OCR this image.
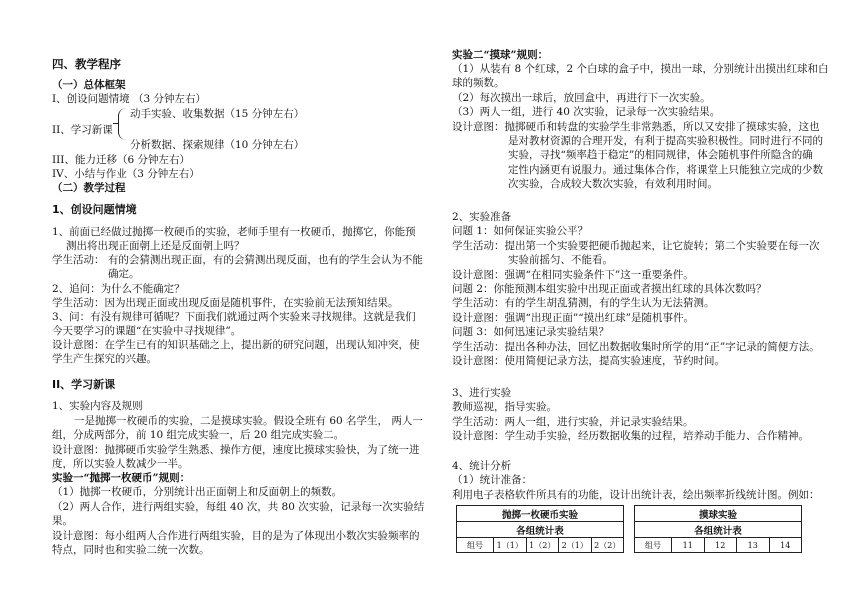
四、教学程序
（一）总体框架
I、创设问题情境 （3 分钟左右）
动手实验、收集数据（15 分钟左右）
II、学习新课
分析数据、探索规律（10 分钟左右）
III、能力迁移（6 分钟左右）
IV、小结与作业（3 分钟左右）
（二）教学过程
1、创设问题情境
1、前面已经做过抛掷一枚硬币的实验，老师手里有一枚硬币，抛掷它，你能预
测出将出现正面朝上还是反面朝上吗？
学生活动： 有的会猜测出现正面，有的会猜测出现反面，也有的学生会认为不能
确定。
2、追问：为什么不能确定？
学生活动：因为出现正面或出现反面是随机事件，在实验前无法预知结果。
3、问：有没有规律可循呢？下面我们就通过两个实验来寻找规律。这就是我们
今天要学习的课题“在实验中寻找规律”。
设计意图：在学生已有的知识基础之上，提出新的研究问题，出现认知冲突，使
学生产生探究的兴趣。
II、学习新课
1、实验内容及规则
一是抛掷一枚硬币的实验，二是摸球实验。假设全班有 60 名学生， 两人一
组，分成两部分，前 10 组完成实验一，后 20 组完成实验二。
设计意图：抛掷硬币实验学生熟悉、操作方便，速度比摸球实验快，为了统一进
度，所以实验人数减少一半。
实验一“抛掷一枚硬币”规则：
（1）抛掷一枚硬币，分别统计出正面朝上和反面朝上的频数。
（2）两人合作，进行两组实验，每组 40 次，共 80 次实验，记录每一次实验结
果。
设计意图：每小组两人合作进行两组实验，目的是为了体现出小数次实验频率的
特点，同时也和实验二统一次数。
实验二“摸球”规则：
（1）从装有 8 个红球，2 个白球的盒子中，摸出一球，分别统计出摸出红球和白
球的频数。
（2）每次摸出一球后，放回盒中，再进行下一次实验。
（3）两人一组，进行 40 次实验，记录每一次实验结果。
设计意图：抛掷硬币和转盘的实验学生非常熟悉，所以又安排了摸球实验，这也
是对教材资源的合理开发，有利于提高实验积极性。同时进行不同的
实验，寻找“频率趋于稳定”的相同规律，体会随机事件所隐含的确
定性内涵更有说服力。通过集体合作，将课堂上只能独立完成的少数
次实验，合成较大数次实验，有效利用时间。
2、实验准备
问题 1：如何保证实验公平？
学生活动：提出第一个实验要把硬币抛起来，让它旋转；第二个实验要在每一次
实验前摇匀、不能看。
设计意图：强调“在相同实验条件下”这一重要条件。
问题 2：你能预测本组实验中出现正面或者摸出红球的具体次数吗？
学生活动：有的学生胡乱猜测，有的学生认为无法猜测。
设计意图：强调“出现正面”“摸出红球”是随机事件。
问题 3：如何迅速记录实验结果？
学生活动：提出各种办法，回忆出数据收集时所学的用“正”字记录的简便方法。
设计意图：使用简便记录方法，提高实验速度，节约时间。
3、进行实验
教师巡视，指导实验。
学生活动：两人一组，进行实验，并记录实验结果。
设计意图：学生动手实验，经历数据收集的过程，培养动手能力、合作精神。
4、统计分析
（1）统计准备：
利用电子表格软件所具有的功能，设计出统计表，绘出频率折线统计图。例如：
抛掷一枚硬币实验
各组统计表
组号	1（1）	1（2）	2（1）	2（2）
摸球实验
各组统计表
组号	11	12	13	14
